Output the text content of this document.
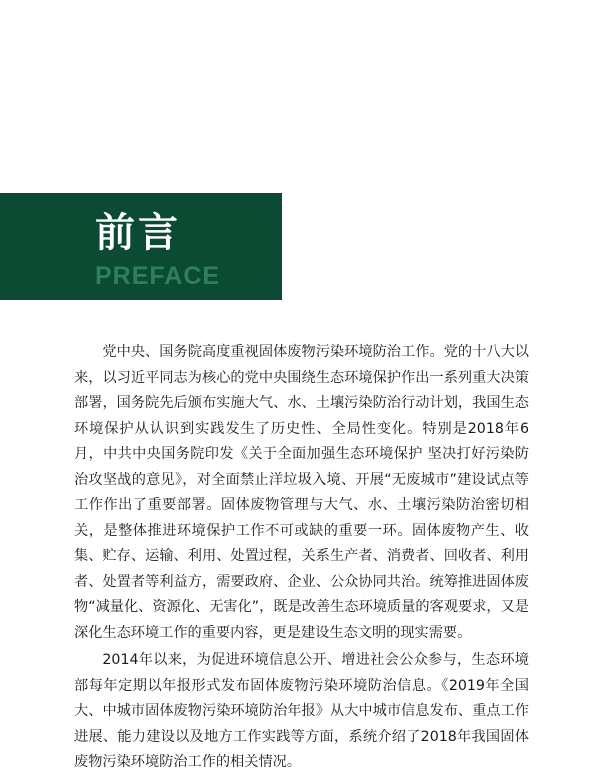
前言
PREFACE

党中央、国务院高度重视固体废物污染环境防治工作。党的十八大以来，以习近平同志为核心的党中央围绕生态环境保护作出一系列重大决策部署，国务院先后颁布实施大气、水、土壤污染防治行动计划，我国生态环境保护从认识到实践发生了历史性、全局性变化。特别是2018年6月，中共中央国务院印发《关于全面加强生态环境保护 坚决打好污染防治攻坚战的意见》，对全面禁止洋垃圾入境、开展“无废城市”建设试点等工作作出了重要部署。固体废物管理与大气、水、土壤污染防治密切相关，是整体推进环境保护工作不可或缺的重要一环。固体废物产生、收集、贮存、运输、利用、处置过程，关系生产者、消费者、回收者、利用者、处置者等利益方，需要政府、企业、公众协同共治。统筹推进固体废物“减量化、资源化、无害化”，既是改善生态环境质量的客观要求，又是深化生态环境工作的重要内容，更是建设生态文明的现实需要。

2014年以来，为促进环境信息公开、增进社会公众参与，生态环境部每年定期以年报形式发布固体废物污染环境防治信息。《2019年全国大、中城市固体废物污染环境防治年报》从大中城市信息发布、重点工作进展、能力建设以及地方工作实践等方面，系统介绍了2018年我国固体废物污染环境防治工作的相关情况。
